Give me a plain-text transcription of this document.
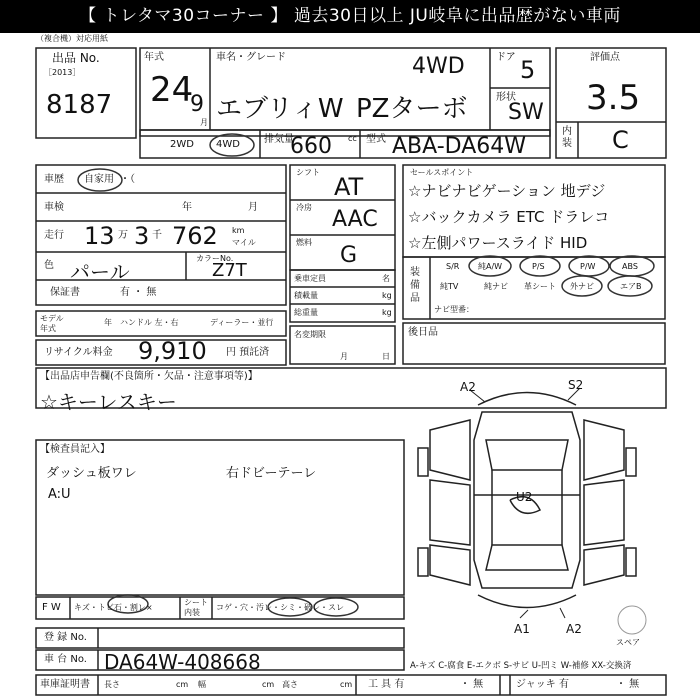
【 トレタマ30コーナー 】 過去30日以上 JU岐阜に出品歴がない車両
（複合機）対応用紙
出品 No.
［2013］
8187
年式
24
9
月
車名・グレード
エブリィW PZターボ
4WD	ドア 5
形状
SW
評価点
3.5
内装 C
2WD 4WD 排気量
660 cc 型式 ABA-DA64W
車歴 自家用 ・（
車検	年	月
走行 13 万 3 千 762 km
マイル
色 パール
カラーNo.
Z7T
保証書	有 ・ 無
モデル 年式
年 ハンドル 左・右	ディーラー・並行
リサイクル料金 9,910 円 預託済
シフト
AT
冷房 AAC
燃料
G
乗車定員	名
積載量	kg
総重量	kg
名変期限
月	日
セールスポイント
☆ナビナビゲーション 地デジ
☆バックカメラ ETC ドラレコ
☆左側パワースライド HID
装備品
S/R 純A/W	P/S	P/W	ABS
純TV	純ナビ 革シート 外ナビ	エアB
ナビ型番：
後日品
【出品店申告欄(不良箇所・欠品・注意事項等)】
☆キーレスキー
【検査員記入】
ダッシュ板ワレ
A:U
右ドビーテーレ
F W キズ・トビ石・割レ×
シート 内装
コゲ・穴・汚レ・シミ・破レ・スレ
登 録 No.
車 台 No. DA64W-408668
車庫証明書 長さ	cm 幅	cm 高さ	cm 工 具 有	・ 無	ジャッキ 有	・ 無
A-キズ C-腐食 E-エクボ S-サビ U-凹ミ W-補修 XX-交換済
スペア
A2	S2
U2
A1	A2
